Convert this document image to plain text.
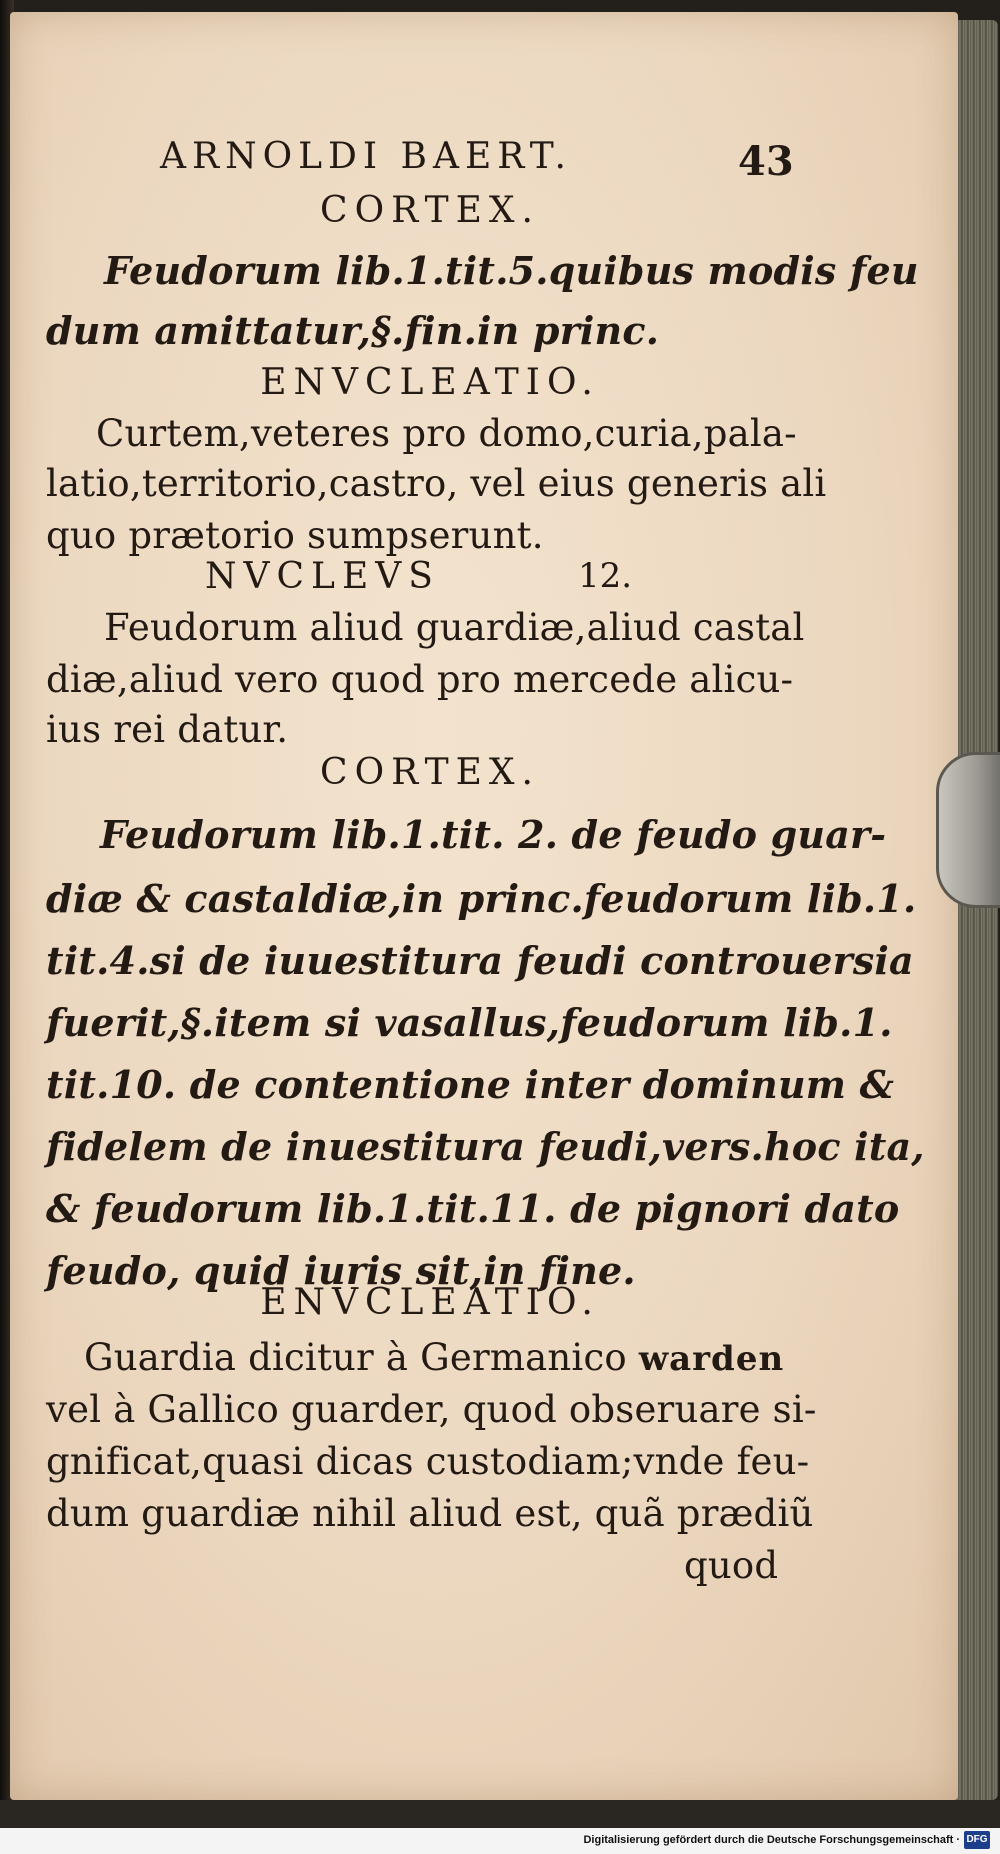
ARNOLDI BAERT.	43
CORTEX.
Feudorum lib.1.tit.5.quibus modis feu
dum amittatur,§.fin.in princ.
ENVCLEATIO.
Curtem,veteres pro domo,curia,pala-
latio,territorio,castro, vel eius generis ali
quo prætorio sumpserunt.
NVCLEVS	12.
Feudorum aliud guardiæ,aliud castal
diæ,aliud vero quod pro mercede alicu-
ius rei datur.
CORTEX.
Feudorum lib.1.tit. 2. de feudo guar-
diæ & castaldiæ,in princ.feudorum lib.1.
tit.4.si de iuuestitura feudi controuersia
fuerit,§.item si vasallus,feudorum lib.1.
tit.10. de contentione inter dominum &
fidelem de inuestitura feudi,vers.hoc ita,
& feudorum lib.1.tit.11. de pignori dato
feudo, quid iuris sit,in fine.
ENVCLEATIO.
Guardia dicitur à Germanico warden
vel à Gallico guarder, quod obseruare si-
gnificat,quasi dicas custodiam;vnde feu-
dum guardiæ nihil aliud est, quã prædiũ
quod
Digitalisierung gefördert durch die Deutsche Forschungsgemeinschaft · DFG
